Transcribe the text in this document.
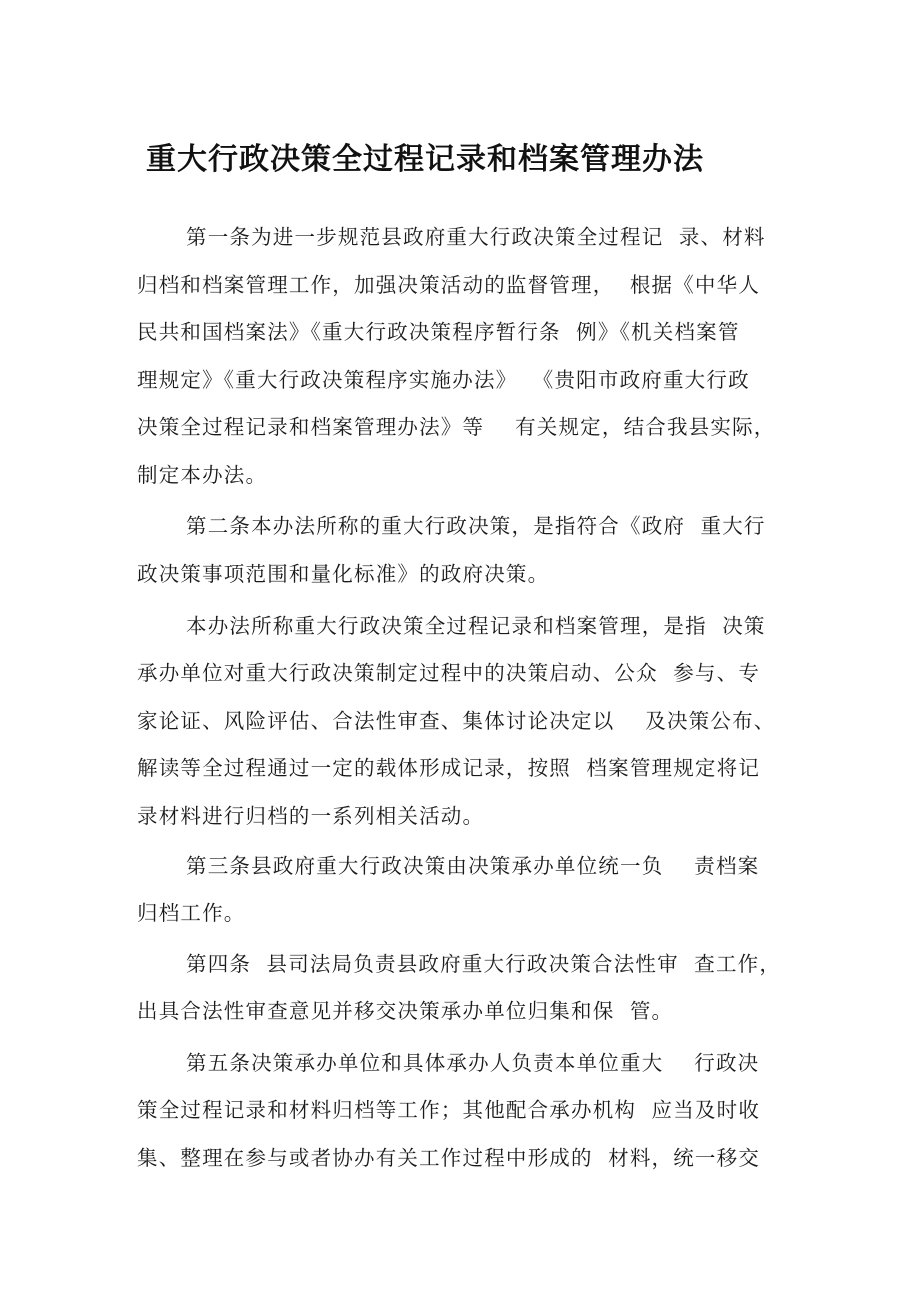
重大行政决策全过程记录和档案管理办法
第一条为进一步规范县政府重大行政决策全过程记  录、材料
归档和档案管理工作，加强决策活动的监督管理，  根据《中华人
民共和国档案法》《重大行政决策程序暂行条  例》《机关档案管
理规定》《重大行政决策程序实施办法》  《贵阳市政府重大行政
决策全过程记录和档案管理办法》等    有关规定，结合我县实际，
制定本办法。
第二条本办法所称的重大行政决策，是指符合《政府  重大行
政决策事项范围和量化标准》的政府决策。
本办法所称重大行政决策全过程记录和档案管理，是指  决策
承办单位对重大行政决策制定过程中的决策启动、公众  参与、专
家论证、风险评估、合法性审查、集体讨论决定以    及决策公布、
解读等全过程通过一定的载体形成记录，按照  档案管理规定将记
录材料进行归档的一系列相关活动。
第三条县政府重大行政决策由决策承办单位统一负    责档案
归档工作。
第四条  县司法局负责县政府重大行政决策合法性审  查工作，
出具合法性审查意见并移交决策承办单位归集和保  管。
第五条决策承办单位和具体承办人负责本单位重大    行政决
策全过程记录和材料归档等工作；其他配合承办机构  应当及时收
集、整理在参与或者协办有关工作过程中形成的  材料，统一移交
